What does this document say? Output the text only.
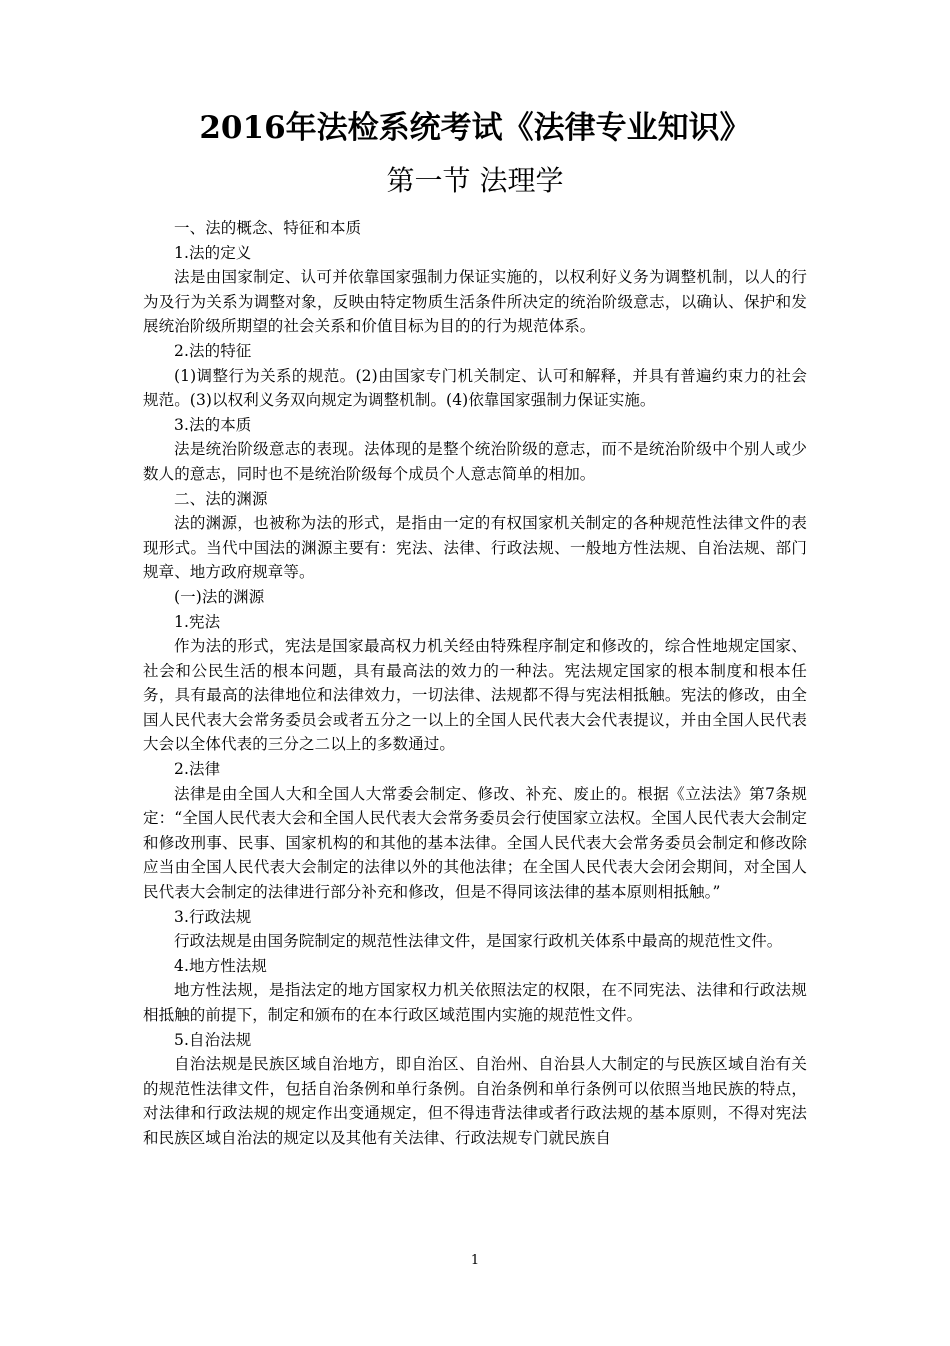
2016年法检系统考试《法律专业知识》
第一节 法理学

一、法的概念、特征和本质

1.法的定义

法是由国家制定、认可并依靠国家强制力保证实施的，以权利好义务为调整机制，以人的行为及行为关系为调整对象，反映由特定物质生活条件所决定的统治阶级意志，以确认、保护和发展统治阶级所期望的社会关系和价值目标为目的的行为规范体系。

2.法的特征

(1)调整行为关系的规范。(2)由国家专门机关制定、认可和解释，并具有普遍约束力的社会规范。(3)以权利义务双向规定为调整机制。(4)依靠国家强制力保证实施。

3.法的本质

法是统治阶级意志的表现。法体现的是整个统治阶级的意志，而不是统治阶级中个别人或少数人的意志，同时也不是统治阶级每个成员个人意志简单的相加。

二、法的渊源

法的渊源，也被称为法的形式，是指由一定的有权国家机关制定的各种规范性法律文件的表现形式。当代中国法的渊源主要有：宪法、法律、行政法规、一般地方性法规、自治法规、部门规章、地方政府规章等。

(一)法的渊源

1.宪法

作为法的形式，宪法是国家最高权力机关经由特殊程序制定和修改的，综合性地规定国家、社会和公民生活的根本问题，具有最高法的效力的一种法。宪法规定国家的根本制度和根本任务，具有最高的法律地位和法律效力，一切法律、法规都不得与宪法相抵触。宪法的修改，由全国人民代表大会常务委员会或者五分之一以上的全国人民代表大会代表提议，并由全国人民代表大会以全体代表的三分之二以上的多数通过。

2.法律

法律是由全国人大和全国人大常委会制定、修改、补充、废止的。根据《立法法》第7条规定：“全国人民代表大会和全国人民代表大会常务委员会行使国家立法权。全国人民代表大会制定和修改刑事、民事、国家机构的和其他的基本法律。全国人民代表大会常务委员会制定和修改除应当由全国人民代表大会制定的法律以外的其他法律；在全国人民代表大会闭会期间，对全国人民代表大会制定的法律进行部分补充和修改，但是不得同该法律的基本原则相抵触。”

3.行政法规

行政法规是由国务院制定的规范性法律文件，是国家行政机关体系中最高的规范性文件。

4.地方性法规

地方性法规，是指法定的地方国家权力机关依照法定的权限，在不同宪法、法律和行政法规相抵触的前提下，制定和颁布的在本行政区域范围内实施的规范性文件。

5.自治法规

自治法规是民族区域自治地方，即自治区、自治州、自治县人大制定的与民族区域自治有关的规范性法律文件，包括自治条例和单行条例。自治条例和单行条例可以依照当地民族的特点，对法律和行政法规的规定作出变通规定，但不得违背法律或者行政法规的基本原则，不得对宪法和民族区域自治法的规定以及其他有关法律、行政法规专门就民族自

1
